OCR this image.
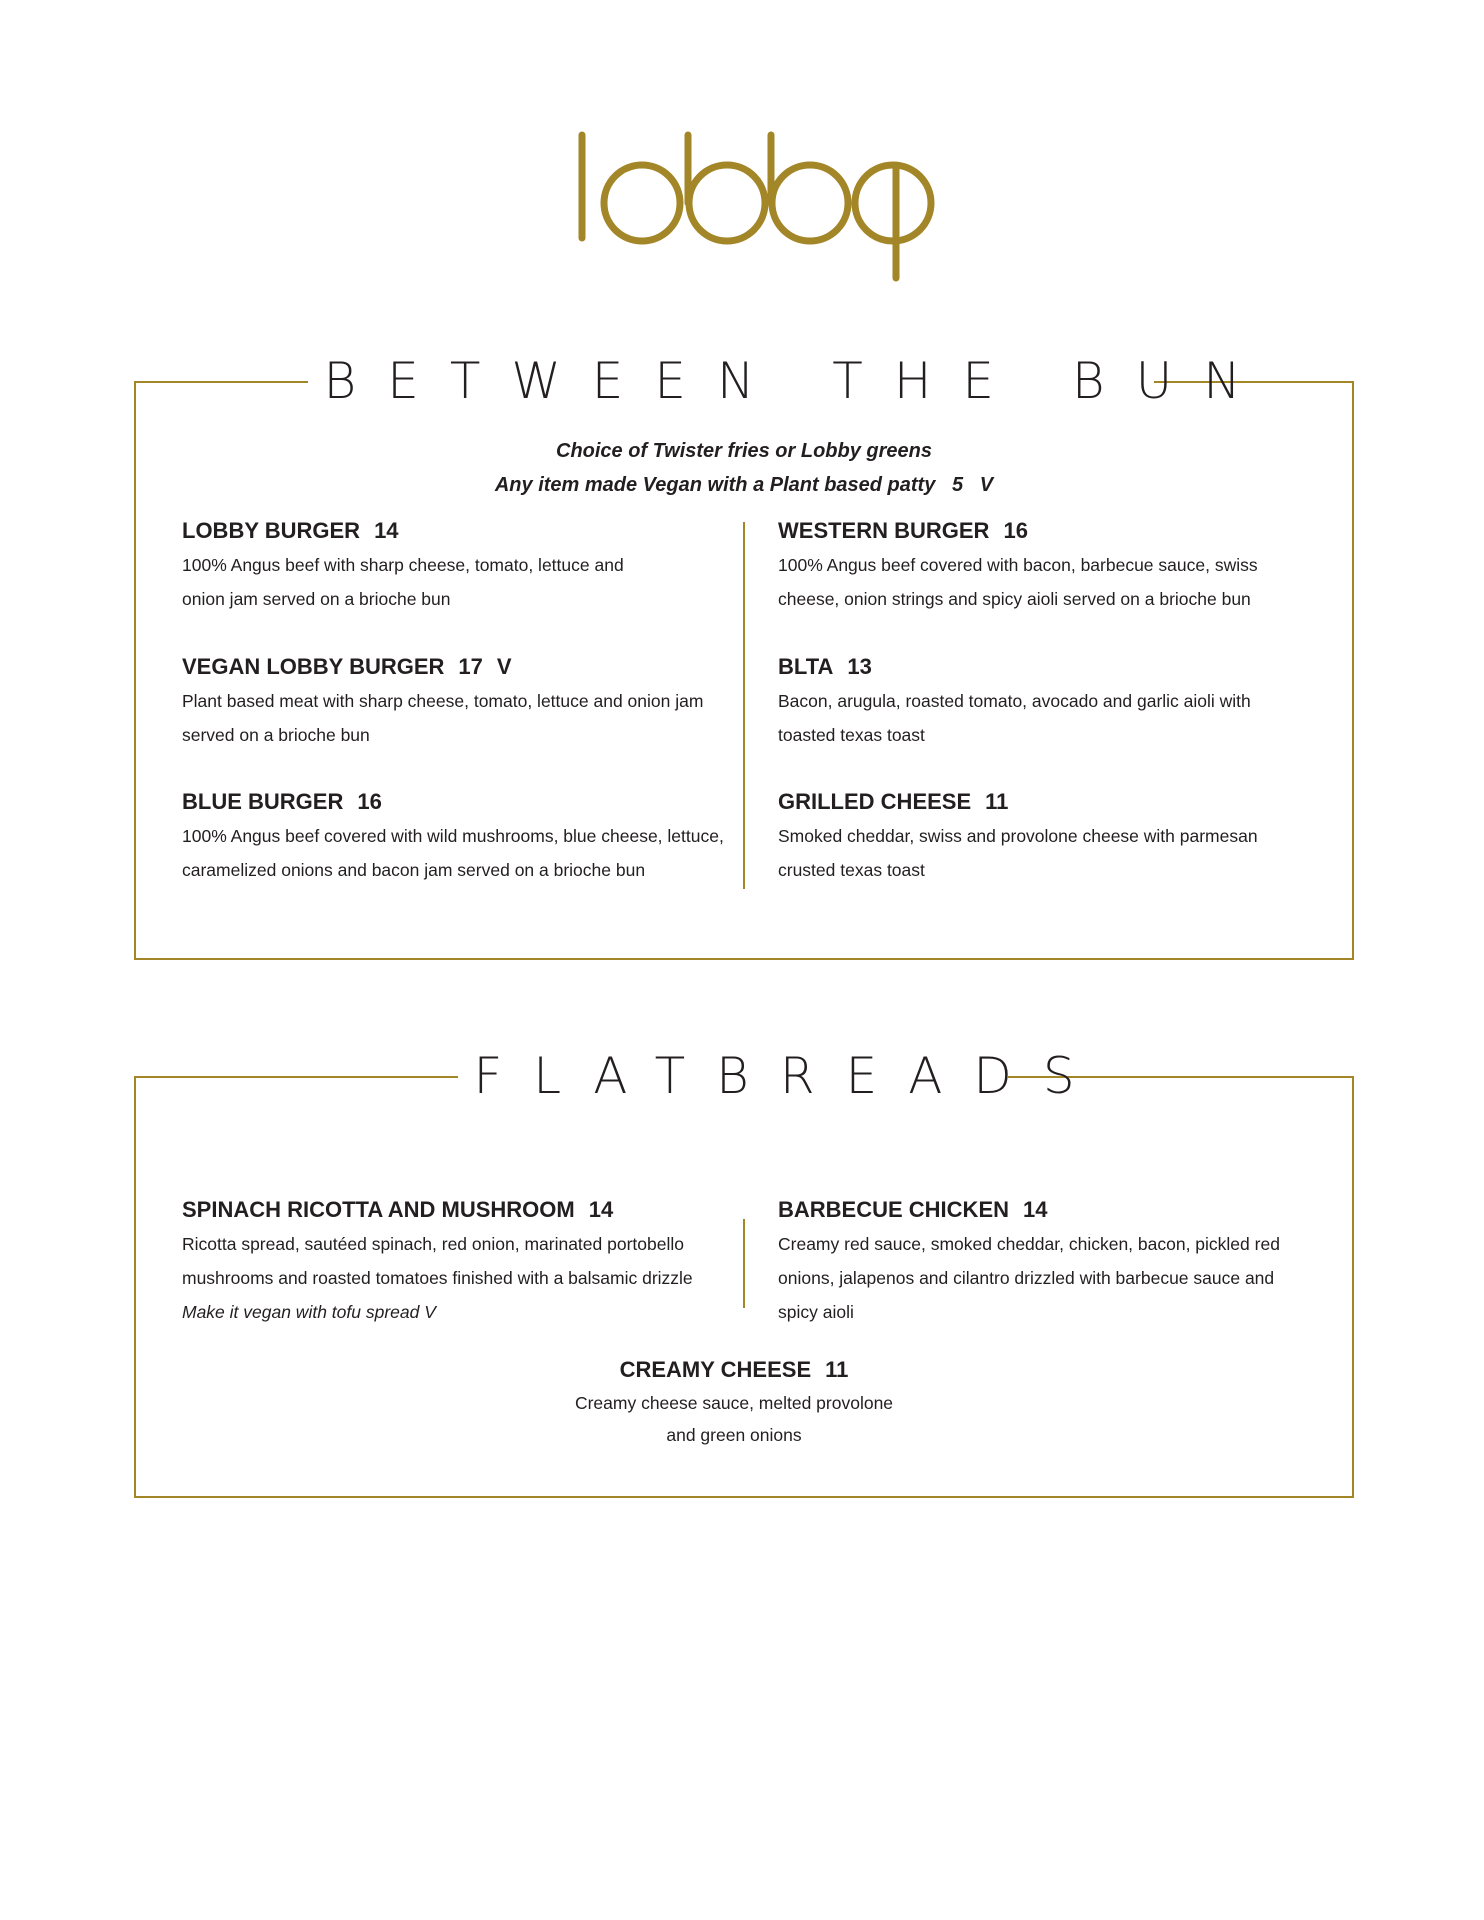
BETWEEN THE BUN
Choice of Twister fries or Lobby greens
Any item made Vegan with a Plant based patty   5   V
LOBBY BURGER 14
100% Angus beef with sharp cheese, tomato, lettuce and onion jam served on a brioche bun
VEGAN LOBBY BURGER 17 V
Plant based meat with sharp cheese, tomato, lettuce and onion jam served on a brioche bun
BLUE BURGER 16
100% Angus beef covered with wild mushrooms, blue cheese, lettuce, caramelized onions and bacon jam served on a brioche bun
WESTERN BURGER 16
100% Angus beef covered with bacon, barbecue sauce, swiss cheese, onion strings and spicy aioli served on a brioche bun
BLTA 13
Bacon, arugula, roasted tomato, avocado and garlic aioli with toasted texas toast
GRILLED CHEESE 11
Smoked cheddar, swiss and provolone cheese with parmesan crusted texas toast
FLATBREADS
SPINACH RICOTTA AND MUSHROOM 14
Ricotta spread, sautéed spinach, red onion, marinated portobello mushrooms and roasted tomatoes finished with a balsamic drizzle
Make it vegan with tofu spread V
BARBECUE CHICKEN 14
Creamy red sauce, smoked cheddar, chicken, bacon, pickled red onions, jalapenos and cilantro drizzled with barbecue sauce and spicy aioli
CREAMY CHEESE 11
Creamy cheese sauce, melted provolone and green onions
